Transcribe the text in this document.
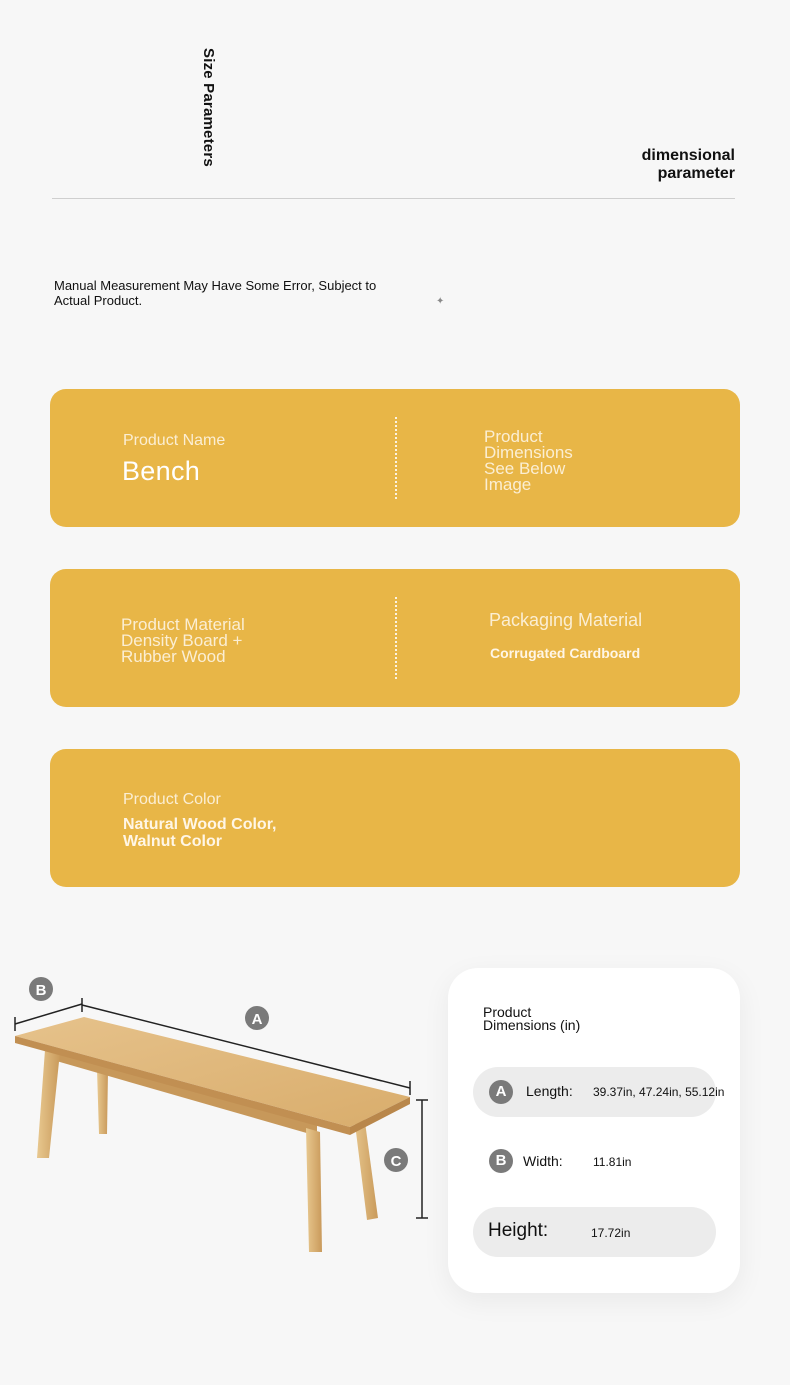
Size Parameters	dimensional
parameter
Manual Measurement May Have Some Error, Subject to
Actual Product.	✦
Product Name
Bench
Product
Dimensions
See Below
Image
Product Material
Density Board +
Rubber Wood
Packaging Material
Corrugated Cardboard
Product Color
Natural Wood Color,
Walnut Color
A
B
C
Product
Dimensions (in)
A	Length: 39.37in, 47.24in, 55.12in
B	Width:	11.81in
Height:	17.72in
